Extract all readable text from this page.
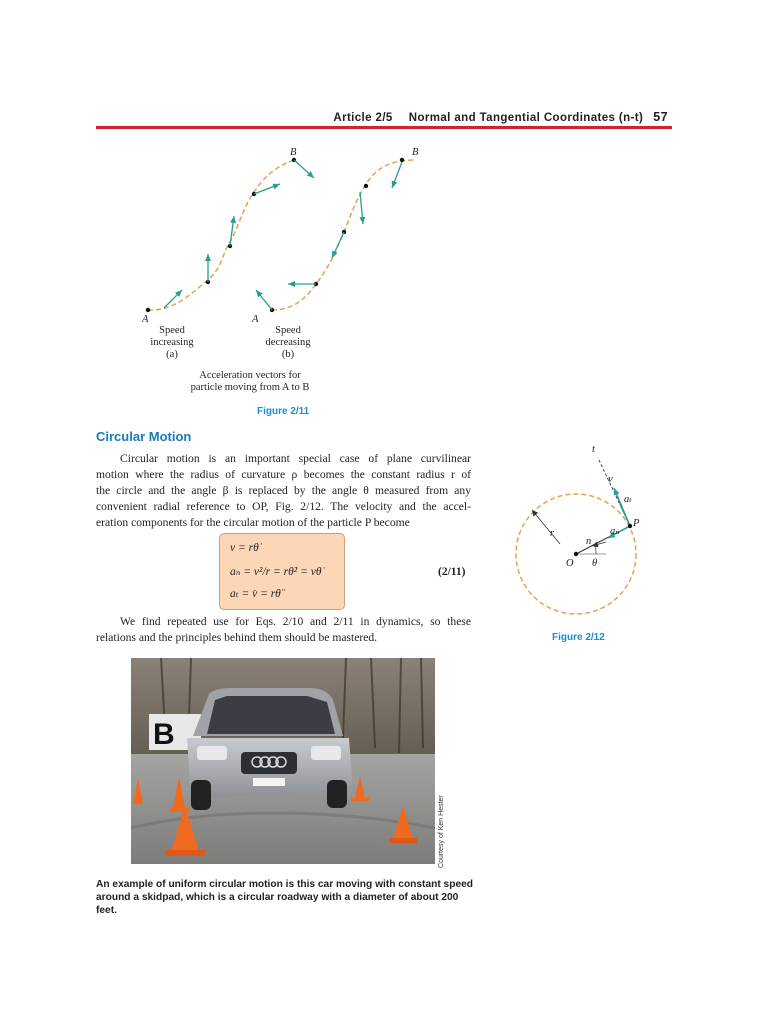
Article 2/5 Normal and Tangential Coordinates (n-t) 57
A
B
A
B
Speed
increasing
(a)
Speed
decreasing
(b)
Acceleration vectors for
particle moving from A to B
Figure 2/11
Circular Motion
Circular motion is an important special case of plane curvilinear
motion where the radius of curvature ρ becomes the constant radius r of
the circle and the angle β is replaced by the angle θ measured from any
convenient radial reference to OP, Fig. 2/12. The velocity and the accel-
eration components for the circular motion of the particle P become
v = rθ̇
aₙ = v²/r = rθ̇² = vθ̇
aₜ = v̇ = rθ̈
(2/11)
We find repeated use for Eqs. 2/10 and 2/11 in dynamics, so these
relations and the principles behind them should be mastered.
t
v
aₜ
P
r
n
aₙ
O θ
Figure 2/12
B
Courtesy of Ken Hester
An example of uniform circular motion is this car moving with constant speed
around a skidpad, which is a circular roadway with a diameter of about 200 feet.
